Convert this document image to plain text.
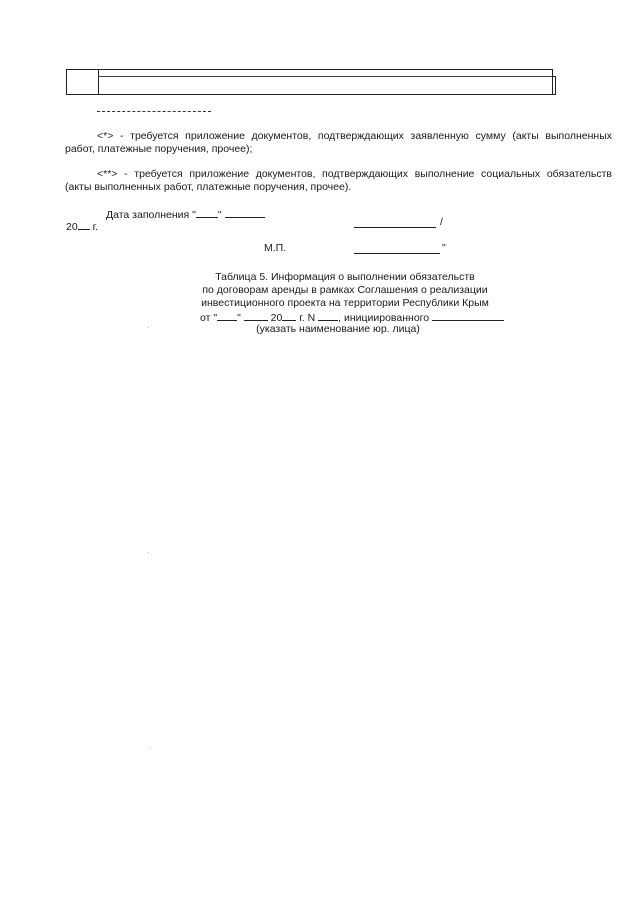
<*> - требуется приложение документов, подтверждающих заявленную сумму (акты выполненных
работ, платежные поручения, прочее);
<**> - требуется приложение документов, подтверждающих выполнение социальных обязательств
(акты выполненных работ, платежные поручения, прочее).
Дата заполнения " "
20 г.	/
М.П.	"
Таблица 5. Информация о выполнении обязательств
по договорам аренды в рамках Соглашения о реализации
инвестиционного проекта на территории Республики Крым
от " "	20 г. N , инициированного
(указать наименование юр. лица)
